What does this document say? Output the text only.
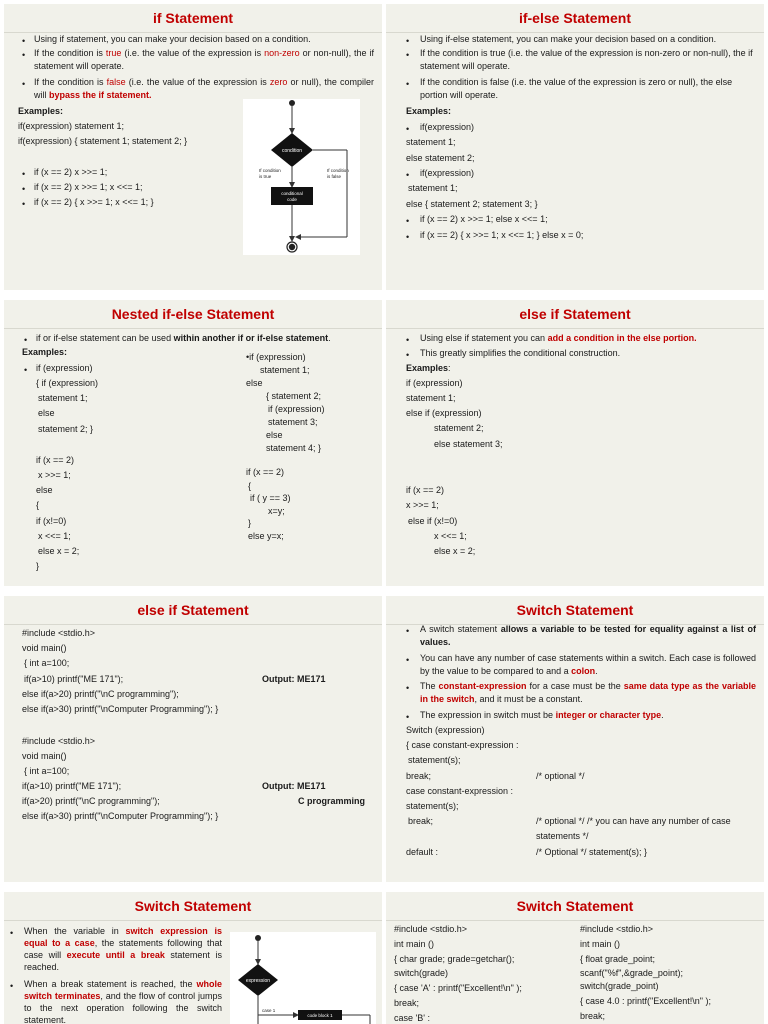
if Statement
• Using if statement, you can make your decision based on a condition.
• If the condition is true (i.e. the value of the expression is non-zero or non-null), the if statement will operate.
• If the condition is false (i.e. the value of the expression is zero or null), the compiler will bypass the if statement.
Examples:
if(expression) statement 1;
if(expression) { statement 1; statement 2; }
• if (x == 2) x >>= 1;
• if (x == 2) x >>= 1; x <<= 1;
• if (x == 2) { x >>= 1; x <<= 1; }
condition
If condition
is true
If condition
is false
conditional
code
if-else Statement
• Using if-else statement, you can make your decision based on a condition.
• If the condition is true (i.e. the value of the expression is non-zero or non-null), the if statement will operate.
• If the condition is false (i.e. the value of the expression is zero or null), the else portion will operate.
Examples:
• if(expression)
statement 1;
else statement 2;
• if(expression)
statement 1;
else { statement 2; statement 3; }
• if (x == 2) x >>= 1; else x <<= 1;
• if (x == 2) { x >>= 1; x <<= 1; } else x = 0;
Nested if-else Statement
• if or if-else statement can be used within another if or if-else statement.
Examples:
• if (expression)
{ if (expression)
statement 1;
else
statement 2; }
if (x == 2)
x >>= 1;
else
{
if (x!=0)
x <<= 1;
else x = 2;
}
•if (expression)
statement 1;
else
{ statement 2;
if (expression)
statement 3;
else
statement 4; }
if (x == 2)
{
if ( y == 3)
x=y;
}
else y=x;
else if Statement
• Using else if statement you can add a condition in the else portion.
• This greatly simplifies the conditional construction.
Examples:
if (expression)
statement 1;
else if (expression)
statement 2;
else statement 3;
if (x == 2)
x >>= 1;
else if (x!=0)
x <<= 1;
else x = 2;
else if Statement
#include <stdio.h>
void main()
{ int a=100;
if(a>10) printf("ME 171");
else if(a>20) printf("\nC programming");
else if(a>30) printf("\nComputer Programming"); }
Output: ME171
#include <stdio.h>
void main()
{ int a=100;
if(a>10) printf("ME 171");
if(a>20) printf("\nC programming");
else if(a>30) printf("\nComputer Programming"); }
Output: ME171
C programming
Switch Statement
• A switch statement allows a variable to be tested for equality against a list of values.
• You can have any number of case statements within a switch. Each case is followed by the value to be compared to and a colon.
• The constant-expression for a case must be the same data type as the variable in the switch, and it must be a constant.
• The expression in switch must be integer or character type.
Switch (expression)
{ case constant-expression :
statement(s);
break;	/* optional */
case constant-expression :
statement(s);
break;	/* optional */ /* you can have any number of case
statements */
default :	/* Optional */ statement(s); }
Switch Statement
• When the variable in switch expression is equal to a case, the statements following that case will execute until a break statement is reached.
• When a break statement is reached, the whole switch terminates, and the flow of control jumps to the next operation following the switch statement.
expression
case 1
code block 1
Switch Statement
#include <stdio.h>
int main ()
{ char grade; grade=getchar();
switch(grade)
{ case 'A' : printf("Excellent!\n" );
break;
case 'B' :
#include <stdio.h>
int main ()
{ float grade_point;
scanf("%f",&grade_point);
switch(grade_point)
{ case 4.0 : printf("Excellent!\n" );
break;
